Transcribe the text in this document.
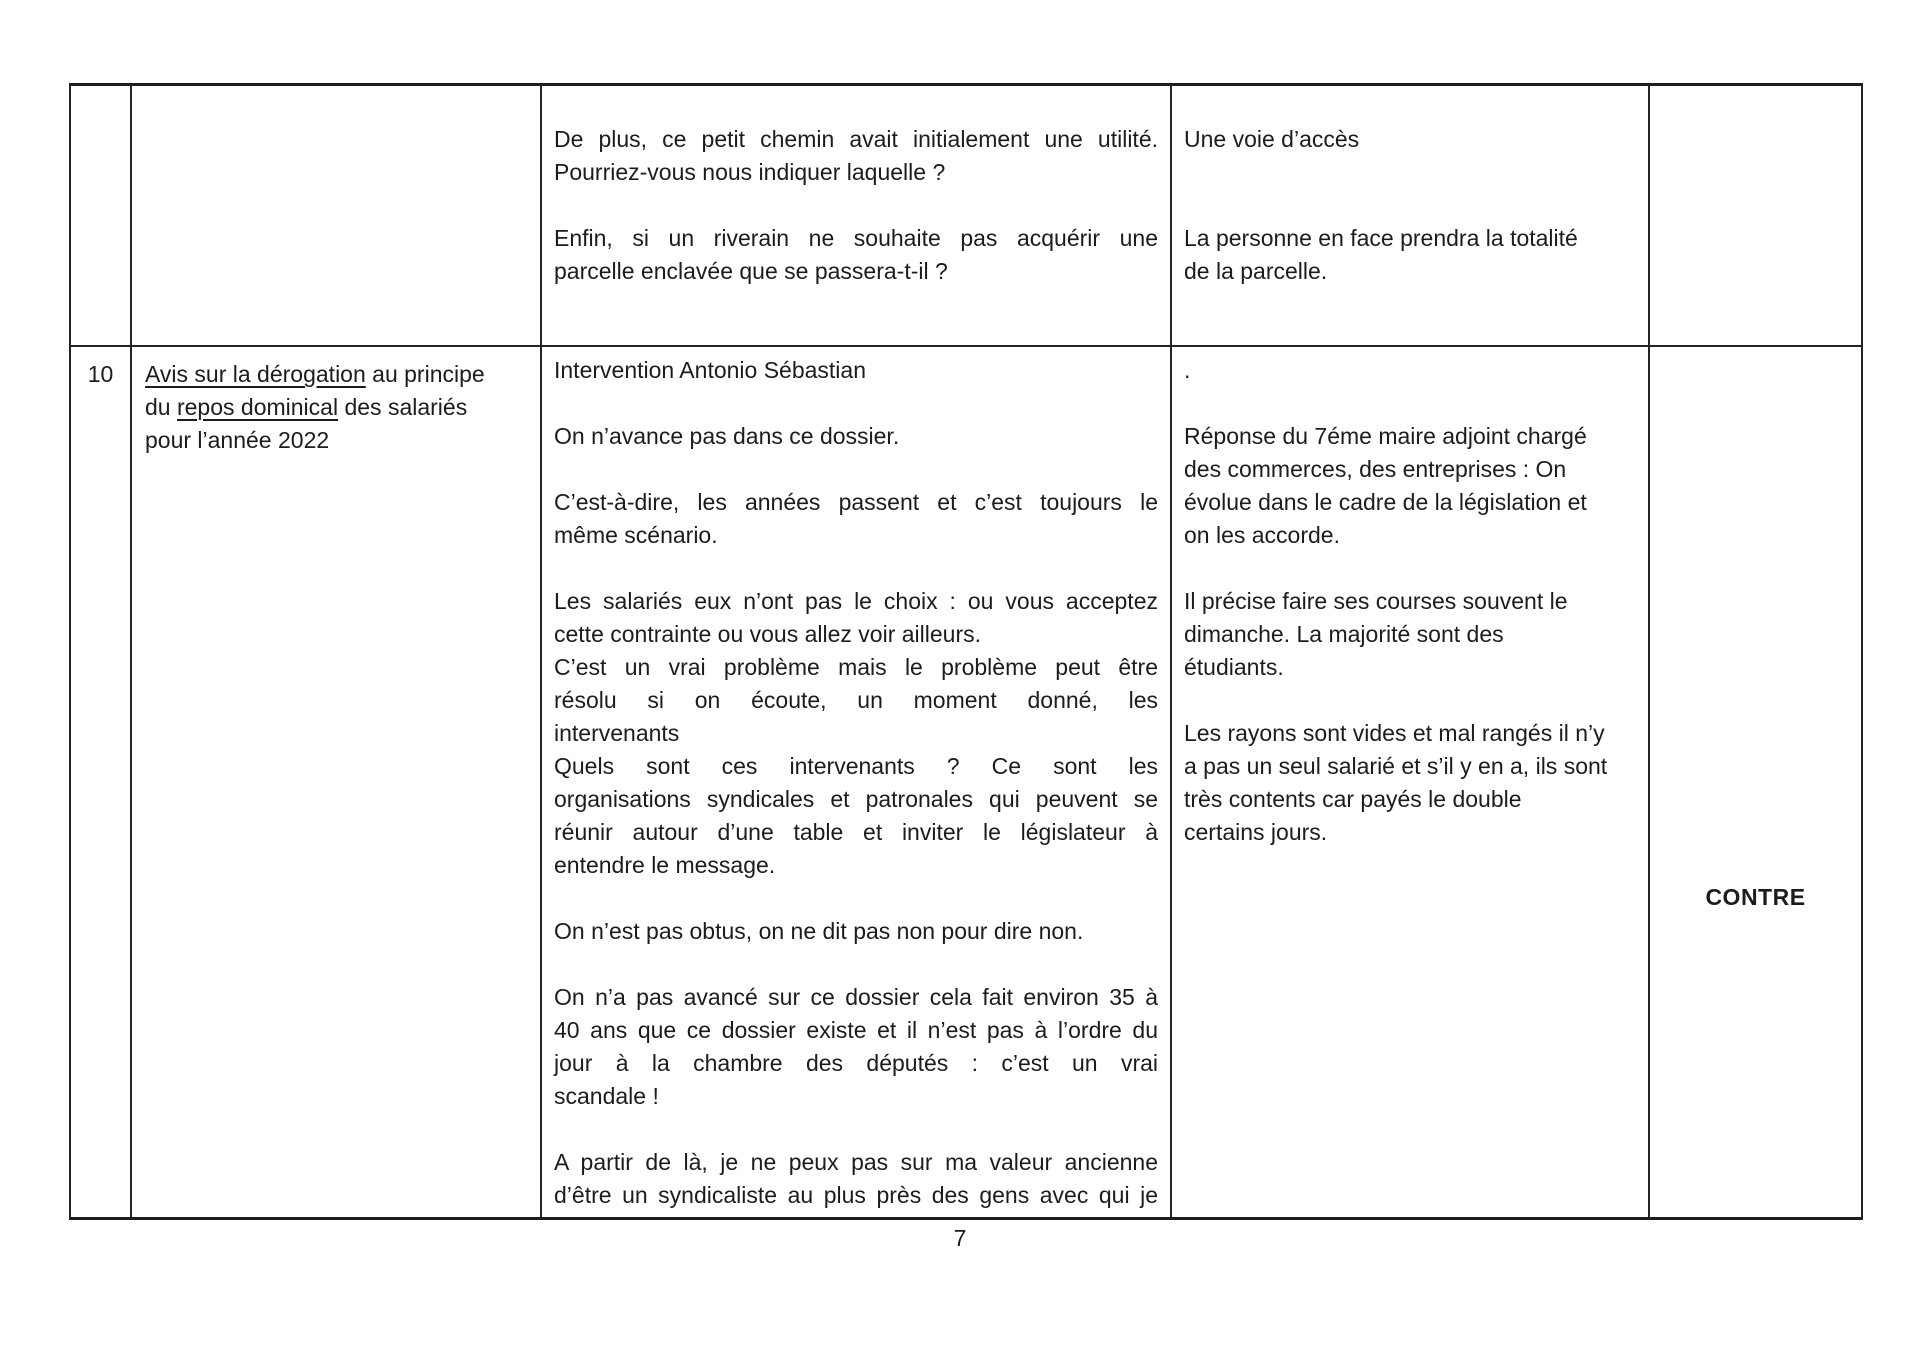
De plus, ce petit chemin avait initialement une utilité.
Pourriez-vous nous indiquer laquelle ?
Enfin, si un riverain ne souhaite pas acquérir une
parcelle enclavée que se passera-t-il ?
Une voie d’accès
La personne en face prendra la totalité
de la parcelle.
10	Avis sur la dérogation au principe
du repos dominical des salariés
pour l’année 2022
Intervention Antonio Sébastian
On n’avance pas dans ce dossier.
C’est-à-dire, les années passent et c’est toujours le
même scénario.
Les salariés eux n’ont pas le choix : ou vous acceptez
cette contrainte ou vous allez voir ailleurs.
C’est un vrai problème mais le problème peut être
résolu si on écoute, un moment donné, les
intervenants
Quels sont ces intervenants ? Ce sont les
organisations syndicales et patronales qui peuvent se
réunir autour d’une table et inviter le législateur à
entendre le message.
On n’est pas obtus, on ne dit pas non pour dire non.
On n’a pas avancé sur ce dossier cela fait environ 35 à
40 ans que ce dossier existe et il n’est pas à l’ordre du
jour à la chambre des députés : c’est un vrai
scandale !
A partir de là, je ne peux pas sur ma valeur ancienne
d’être un syndicaliste au plus près des gens avec qui je
.
Réponse du 7éme maire adjoint chargé
des commerces, des entreprises : On
évolue dans le cadre de la législation et
on les accorde.
Il précise faire ses courses souvent le
dimanche. La majorité sont des
étudiants.
Les rayons sont vides et mal rangés il n’y
a pas un seul salarié et s’il y en a, ils sont
très contents car payés le double
certains jours.
CONTRE
7
